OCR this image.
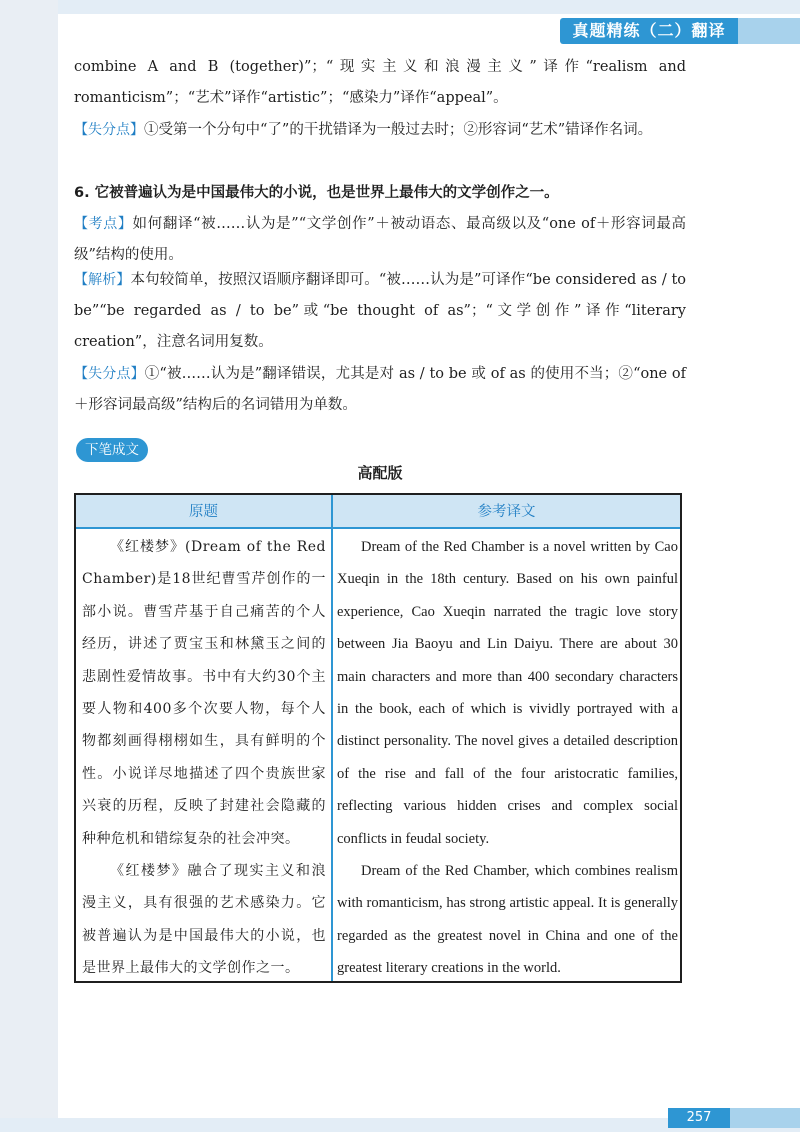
真题精练（二）翻译

combine A and B (together)”；“现实主义和浪漫主义”译作“realism and romanticism”；“艺术”译作“artistic”；“感染力”译作“appeal”。

【失分点】①受第一个分句中“了”的干扰错译为一般过去时；②形容词“艺术”错译作名词。

6. 它被普遍认为是中国最伟大的小说，也是世界上最伟大的文学创作之一。

【考点】如何翻译“被……认为是”“文学创作”＋被动语态、最高级以及“one of＋形容词最高级”结构的使用。

【解析】本句较简单，按照汉语顺序翻译即可。“被……认为是”可译作“be considered as / to be”“be regarded as / to be”或“be thought of as”；“文学创作”译作“literary creation”，注意名词用复数。

【失分点】①“被……认为是”翻译错误，尤其是对 as / to be 或 of as 的使用不当；②“one of＋形容词最高级”结构后的名词错用为单数。

下笔成文
高配版
原题	参考译文

《红楼梦》(Dream of the Red Chamber)是18世纪曹雪芹创作的一部小说。曹雪芹基于自己痛苦的个人经历，讲述了贾宝玉和林黛玉之间的悲剧性爱情故事。书中有大约30个主要人物和400多个次要人物，每个人物都刻画得栩栩如生，具有鲜明的个性。小说详尽地描述了四个贵族世家兴衰的历程，反映了封建社会隐藏的种种危机和错综复杂的社会冲突。

《红楼梦》融合了现实主义和浪漫主义，具有很强的艺术感染力。它被普遍认为是中国最伟大的小说，也是世界上最伟大的文学创作之一。

Dream of the Red Chamber is a novel written by Cao Xueqin in the 18th century. Based on his own painful experience, Cao Xueqin narrated the tragic love story between Jia Baoyu and Lin Daiyu. There are about 30 main characters and more than 400 secondary characters in the book, each of which is vividly portrayed with a distinct personality. The novel gives a detailed description of the rise and fall of the four aristocratic families, reflecting various hidden crises and complex social conflicts in feudal society.

Dream of the Red Chamber, which combines realism with romanticism, has strong artistic appeal. It is generally regarded as the greatest novel in China and one of the greatest literary creations in the world.

257
